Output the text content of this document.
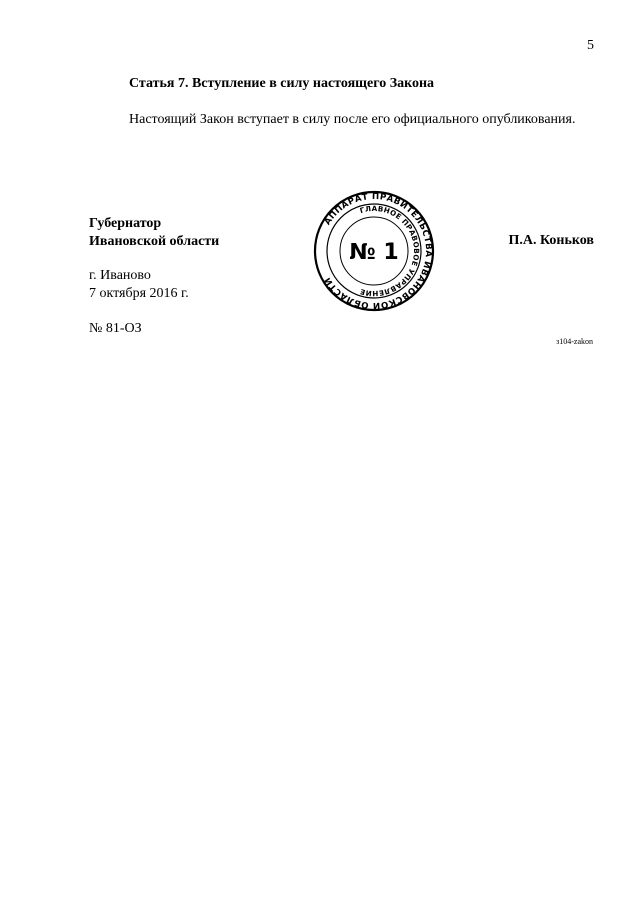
5
Статья 7. Вступление в силу настоящего Закона

Настоящий Закон вступает в силу после его официального опубликования.

Губернатор
Ивановской области	П.А. Коньков
АППАРАТ ПРАВИТЕЛЬСТВА ИВАНОВСКОЙ ОБЛАСТИ
ГЛАВНОЕ ПРАВОВОЕ УПРАВЛЕНИЕ
№ 1
г. Иваново
7 октября 2016 г.
№ 81-ОЗ
з104-zakon
